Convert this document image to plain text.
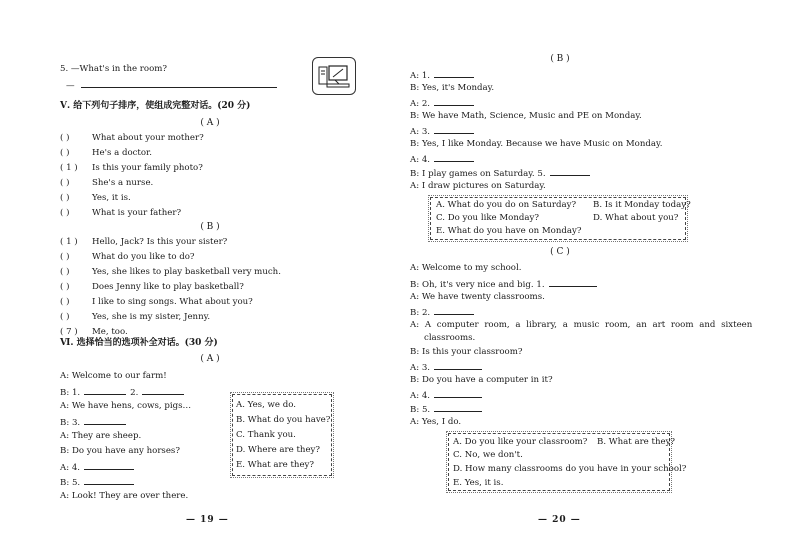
5. —What's in the room?
—
Ⅴ. 给下列句子排序，使组成完整对话。(20 分)
( A )
( )	What about your mother?
( )	He's a doctor.
( 1 ) Is this your family photo?
( )	She's a nurse.
( )	Yes, it is.
( )	What is your father?
( B )
( 1 ) Hello, Jack? Is this your sister?
( )	What do you like to do?
( )	Yes, she likes to play basketball very much.
( )	Does Jenny like to play basketball?
( )	I like to sing songs. What about you?
( )	Yes, she is my sister, Jenny.
( 7 ) Me, too.
Ⅵ. 选择恰当的选项补全对话。(30 分)
( A )
A: Welcome to our farm!
B: 1.	2.
A: We have hens, cows, pigs…
B: 3.
A: They are sheep.
B: Do you have any horses?
A: 4.
B: 5.
A: Look! They are over there.
A. Yes, we do.
B. What do you have?
C. Thank you.
D. Where are they?
E. What are they?
— 19 —
( B )
A: 1.
B: Yes, it's Monday.
A: 2.
B: We have Math, Science, Music and PE on Monday.
A: 3.
B: Yes, I like Monday. Because we have Music on Monday.
A: 4.
B: I play games on Saturday. 5.
A: I draw pictures on Saturday.
A. What do you do on Saturday? B. Is it Monday today?
C. Do you like Monday?	D. What about you?
E. What do you have on Monday?
( C )
A: Welcome to my school.
B: Oh, it's very nice and big. 1.
A: We have twenty classrooms.
B: 2.
A: A computer room, a library, a music room, an art room and sixteen
classrooms.
B: Is this your classroom?
A: 3.
B: Do you have a computer in it?
A: 4.
B: 5.
A: Yes, I do.
A. Do you like your classroom? B. What are they?
C. No, we don't.
D. How many classrooms do you have in your school?
E. Yes, it is.
— 20 —
